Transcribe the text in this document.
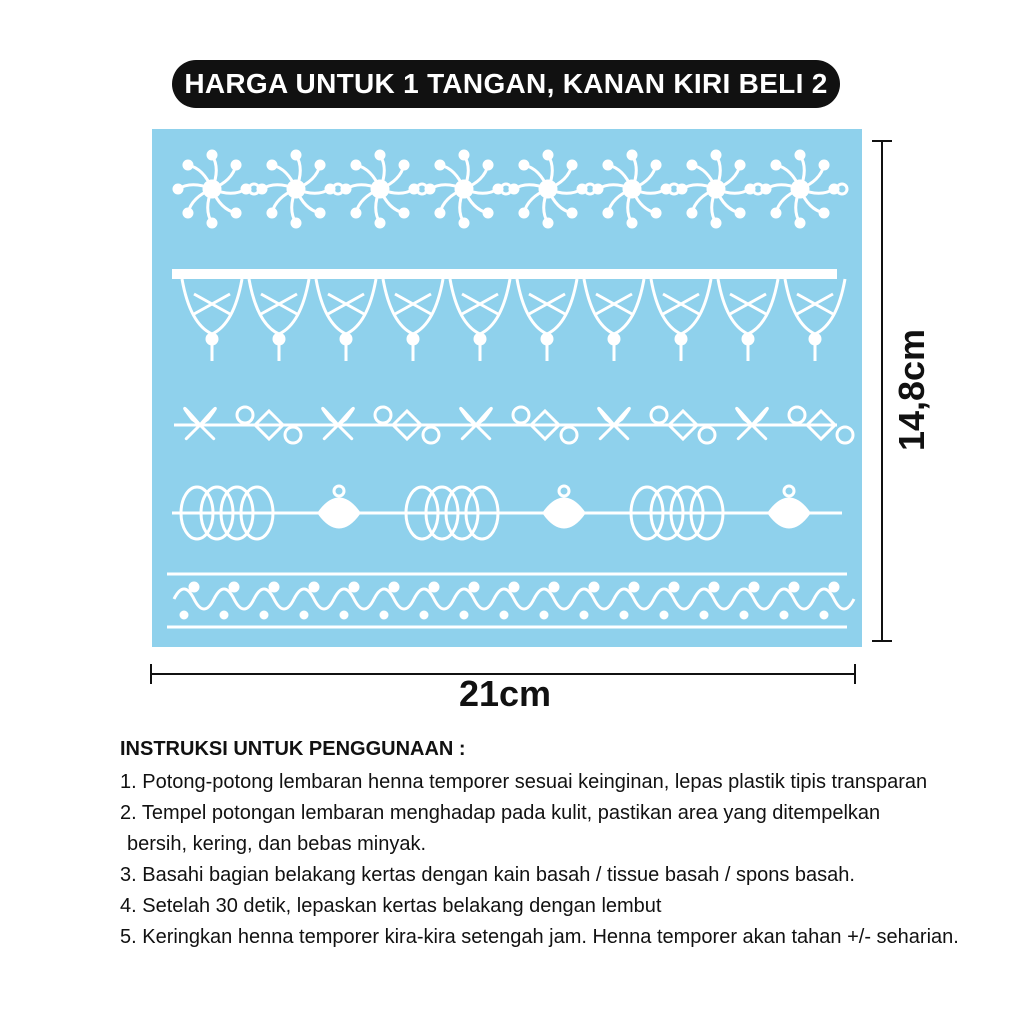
HARGA UNTUK 1 TANGAN, KANAN KIRI BELI 2
W-310
21cm
14,8cm
INSTRUKSI UNTUK PENGGUNAAN :
1. Potong-potong lembaran henna temporer sesuai keinginan, lepas plastik tipis transparan
2. Tempel potongan lembaran menghadap pada kulit, pastikan area yang ditempelkan
bersih, kering, dan bebas minyak.
3. Basahi bagian belakang kertas dengan kain basah / tissue basah / spons basah.
4. Setelah 30 detik, lepaskan kertas belakang dengan lembut
5. Keringkan henna temporer kira-kira setengah jam. Henna temporer akan tahan +/- seharian.
